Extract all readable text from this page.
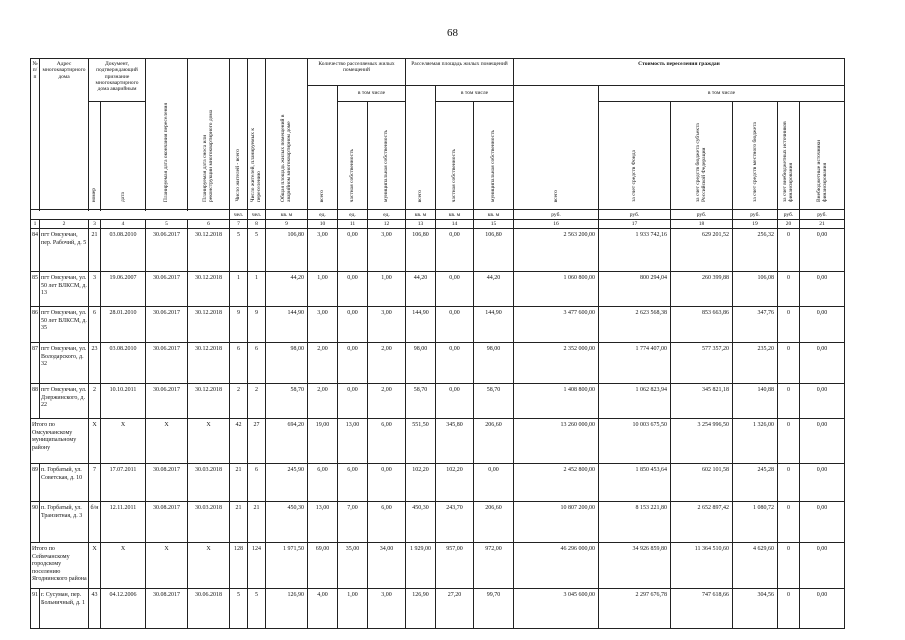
68
№ п/п	Адрес многоквартирного дома	Документ, подтверждающий признание многоквартирного дома аварийным		Планируемая дата окончания переселения	Планируемая дата сноса или реконструкции многоквартирного дома	Число жителей - всего	Число жителей, планируемых к переселению	Общая площадь жилых помещений в аварийном многоквартирном доме	Количество расселяемых жилых помещений			Расселяемая площадь жилых помещений			Стоимость переселения граждан					
									всего	в том числе		всего	в том числе		всего	в том числе				
		номер	дата							частная собственность	муниципальная собственность		частная собственность	муниципальная собственность		за счет средств Фонда	за счет средств бюджета субъекта Российской Федерации	за счет средств местного бюджета	за счет внебюджетных источников финансирования	Внебюджетные источники финансирования

						чел.	чел.	кв. м	ед.	ед.	ед.	кв. м	кв. м	кв. м	руб.	руб.	руб.	руб.	руб.	руб.
1	2	3	4	5	6	7	8	9	10	11	12	13	14	15	16	17	18	19	20	21
84	пгт Омсукчан, пер. Рабочий, д. 5	21	03.08.2010	30.06.2017	30.12.2018	5	5	106,80	3,00	0,00	3,00	106,80	0,00	106,80	2 563 200,00	1 933 742,16	629 201,52	256,32	0	0,00
85	пгт Омсукчан, ул. 50 лет ВЛКСМ, д. 13	3	19.06.2007	30.06.2017	30.12.2018	1	1	44,20	1,00	0,00	1,00	44,20	0,00	44,20	1 060 800,00	800 294,04	260 399,88	106,08	0	0,00
86	пгт Омсукчан, ул. 50 лет ВЛКСМ, д. 35	6	28.01.2010	30.06.2017	30.12.2018	9	9	144,90	3,00	0,00	3,00	144,90	0,00	144,90	3 477 600,00	2 623 568,38	853 663,86	347,76	0	0,00
87	пгт Омсукчан, ул. Володарского, д. 32	23	03.08.2010	30.06.2017	30.12.2018	6	6	98,00	2,00	0,00	2,00	98,00	0,00	98,00	2 352 000,00	1 774 407,00	577 357,20	235,20	0	0,00
88	пгт Омсукчан, ул. Дзержинского, д. 22	2	10.10.2011	30.06.2017	30.12.2018	2	2	58,70	2,00	0,00	2,00	58,70	0,00	58,70	1 408 800,00	1 062 823,94	345 821,18	140,88	0	0,00
Итого по Омсукчанскому муниципальному району		X	X	X	X	42	27	694,20	19,00	13,00	6,00	551,50	345,80	206,60	13 260 000,00	10 003 675,50	3 254 996,50	1 326,00	0	0,00
89	п. Горбатый, ул. Советская, д. 10	7	17.07.2011	30.08.2017	30.03.2018	21	6	245,90	6,00	6,00	0,00	102,20	102,20	0,00	2 452 800,00	1 850 453,64	602 101,58	245,28	0	0,00
90	п. Горбатый, ул. Транзитная, д. 3	б/н	12.11.2011	30.08.2017	30.03.2018	21	21	450,30	13,00	7,00	6,00	450,30	243,70	206,60	10 807 200,00	8 153 221,80	2 652 897,42	1 080,72	0	0,00
Итого по Сеймчанскому городскому поселению Ягоднинского района		X	X	X	X	128	124	1 971,50	69,00	35,00	34,00	1 929,00	957,00	972,00	46 296 000,00	34 926 859,80	11 364 510,60	4 629,60	0	0,00
91	г. Сусуман, пер. Больничный, д. 1	43	04.12.2006	30.08.2017	30.06.2018	5	5	126,90	4,00	1,00	3,00	126,90	27,20	99,70	3 045 600,00	2 297 676,78	747 618,66	304,56	0	0,00
